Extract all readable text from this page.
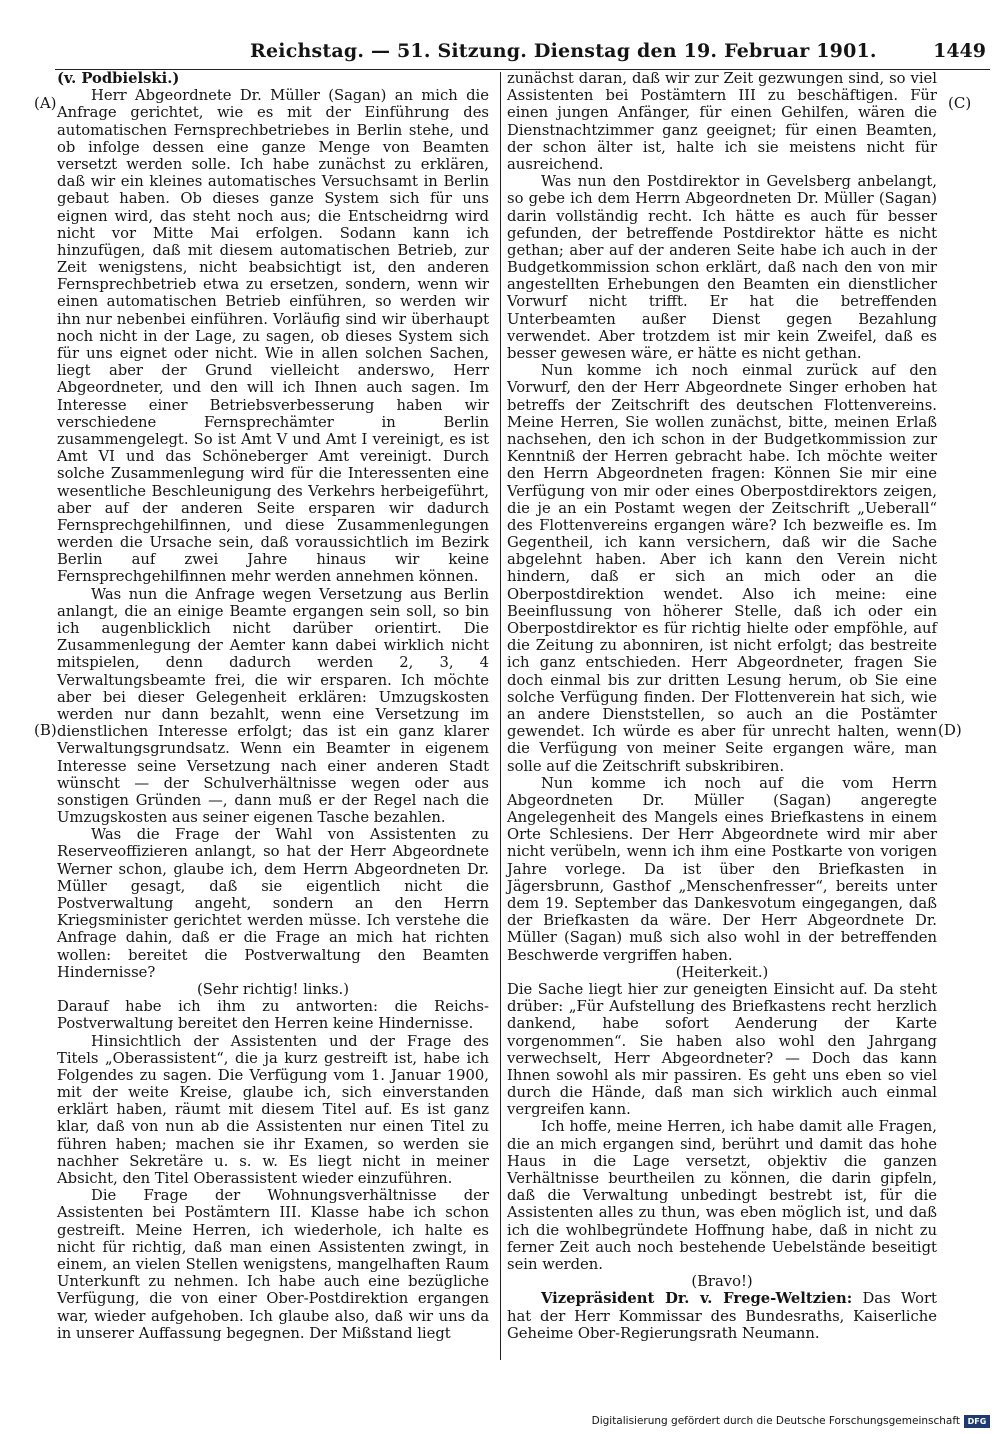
Reichstag. — 51. Sitzung. Dienstag den 19. Februar 1901.	1449
(A)
(B)
(C)
(D)

(v. Podbielski.)

Herr Abgeordnete Dr. Müller (Sagan) an mich die Anfrage gerichtet, wie es mit der Einführung des automatischen Fernsprechbetriebes in Berlin stehe, und ob infolge dessen eine ganze Menge von Beamten versetzt werden solle. Ich habe zunächst zu erklären, daß wir ein kleines automatisches Versuchsamt in Berlin gebaut haben. Ob dieses ganze System sich für uns eignen wird, das steht noch aus; die Entscheidrng wird nicht vor Mitte Mai erfolgen. Sodann kann ich hinzufügen, daß mit diesem automatischen Betrieb, zur Zeit wenigstens, nicht beabsichtigt ist, den anderen Fernsprechbetrieb etwa zu ersetzen, sondern, wenn wir einen automatischen Betrieb einführen, so werden wir ihn nur nebenbei einführen. Vorläufig sind wir überhaupt noch nicht in der Lage, zu sagen, ob dieses System sich für uns eignet oder nicht. Wie in allen solchen Sachen, liegt aber der Grund vielleicht anderswo, Herr Abgeordneter, und den will ich Ihnen auch sagen. Im Interesse einer Betriebsverbesserung haben wir verschiedene Fernsprechämter in Berlin zusammengelegt. So ist Amt V und Amt I vereinigt, es ist Amt VI und das Schöneberger Amt vereinigt. Durch solche Zusammenlegung wird für die Interessenten eine wesentliche Beschleunigung des Verkehrs herbeigeführt, aber auf der anderen Seite ersparen wir dadurch Fernsprechgehilfinnen, und diese Zusammenlegungen werden die Ursache sein, daß voraussichtlich im Bezirk Berlin auf zwei Jahre hinaus wir keine Fernsprechgehilfinnen mehr werden annehmen können.

Was nun die Anfrage wegen Versetzung aus Berlin anlangt, die an einige Beamte ergangen sein soll, so bin ich augenblicklich nicht darüber orientirt. Die Zusammenlegung der Aemter kann dabei wirklich nicht mitspielen, denn dadurch werden 2, 3, 4 Verwaltungsbeamte frei, die wir ersparen. Ich möchte aber bei dieser Gelegenheit erklären: Umzugskosten werden nur dann bezahlt, wenn eine Versetzung im dienstlichen Interesse erfolgt; das ist ein ganz klarer Verwaltungsgrundsatz. Wenn ein Beamter in eigenem Interesse seine Versetzung nach einer anderen Stadt wünscht — der Schulverhältnisse wegen oder aus sonstigen Gründen —, dann muß er der Regel nach die Umzugskosten aus seiner eigenen Tasche bezahlen.

Was die Frage der Wahl von Assistenten zu Reserveoffizieren anlangt, so hat der Herr Abgeordnete Werner schon, glaube ich, dem Herrn Abgeordneten Dr. Müller gesagt, daß sie eigentlich nicht die Postverwaltung angeht, sondern an den Herrn Kriegsminister gerichtet werden müsse. Ich verstehe die Anfrage dahin, daß er die Frage an mich hat richten wollen: bereitet die Postverwaltung den Beamten Hindernisse?

(Sehr richtig! links.)

Darauf habe ich ihm zu antworten: die Reichs-Postverwaltung bereitet den Herren keine Hindernisse.

Hinsichtlich der Assistenten und der Frage des Titels „Oberassistent“, die ja kurz gestreift ist, habe ich Folgendes zu sagen. Die Verfügung vom 1. Januar 1900, mit der weite Kreise, glaube ich, sich einverstanden erklärt haben, räumt mit diesem Titel auf. Es ist ganz klar, daß von nun ab die Assistenten nur einen Titel zu führen haben; machen sie ihr Examen, so werden sie nachher Sekretäre u. s. w. Es liegt nicht in meiner Absicht, den Titel Oberassistent wieder einzuführen.

Die Frage der Wohnungsverhältnisse der Assistenten bei Postämtern III. Klasse habe ich schon gestreift. Meine Herren, ich wiederhole, ich halte es nicht für richtig, daß man einen Assistenten zwingt, in einem, an vielen Stellen wenigstens, mangelhaften Raum Unterkunft zu nehmen. Ich habe auch eine bezügliche Verfügung, die von einer Ober-Postdirektion ergangen war, wieder aufgehoben. Ich glaube also, daß wir uns da in unserer Auffassung begegnen. Der Mißstand liegt

zunächst daran, daß wir zur Zeit gezwungen sind, so viel Assistenten bei Postämtern III zu beschäftigen. Für einen jungen Anfänger, für einen Gehilfen, wären die Dienstnachtzimmer ganz geeignet; für einen Beamten, der schon älter ist, halte ich sie meistens nicht für ausreichend.

Was nun den Postdirektor in Gevelsberg anbelangt, so gebe ich dem Herrn Abgeordneten Dr. Müller (Sagan) darin vollständig recht. Ich hätte es auch für besser gefunden, der betreffende Postdirektor hätte es nicht gethan; aber auf der anderen Seite habe ich auch in der Budgetkommission schon erklärt, daß nach den von mir angestellten Erhebungen den Beamten ein dienstlicher Vorwurf nicht trifft. Er hat die betreffenden Unterbeamten außer Dienst gegen Bezahlung verwendet. Aber trotzdem ist mir kein Zweifel, daß es besser gewesen wäre, er hätte es nicht gethan.

Nun komme ich noch einmal zurück auf den Vorwurf, den der Herr Abgeordnete Singer erhoben hat betreffs der Zeitschrift des deutschen Flottenvereins. Meine Herren, Sie wollen zunächst, bitte, meinen Erlaß nachsehen, den ich schon in der Budgetkommission zur Kenntniß der Herren gebracht habe. Ich möchte weiter den Herrn Abgeordneten fragen: Können Sie mir eine Verfügung von mir oder eines Oberpostdirektors zeigen, die je an ein Postamt wegen der Zeitschrift „Ueberall“ des Flottenvereins ergangen wäre? Ich bezweifle es. Im Gegentheil, ich kann versichern, daß wir die Sache abgelehnt haben. Aber ich kann den Verein nicht hindern, daß er sich an mich oder an die Oberpostdirektion wendet. Also ich meine: eine Beeinflussung von höherer Stelle, daß ich oder ein Oberpostdirektor es für richtig hielte oder empföhle, auf die Zeitung zu abonniren, ist nicht erfolgt; das bestreite ich ganz entschieden. Herr Abgeordneter, fragen Sie doch einmal bis zur dritten Lesung herum, ob Sie eine solche Verfügung finden. Der Flottenverein hat sich, wie an andere Dienststellen, so auch an die Postämter gewendet. Ich würde es aber für unrecht halten, wenn die Verfügung von meiner Seite ergangen wäre, man solle auf die Zeitschrift subskribiren.

Nun komme ich noch auf die vom Herrn Abgeordneten Dr. Müller (Sagan) angeregte Angelegenheit des Mangels eines Briefkastens in einem Orte Schlesiens. Der Herr Abgeordnete wird mir aber nicht verübeln, wenn ich ihm eine Postkarte von vorigen Jahre vorlege. Da ist über den Briefkasten in Jägersbrunn, Gasthof „Menschenfresser“, bereits unter dem 19. September das Dankesvotum eingegangen, daß der Briefkasten da wäre. Der Herr Abgeordnete Dr. Müller (Sagan) muß sich also wohl in der betreffenden Beschwerde vergriffen haben.

(Heiterkeit.)

Die Sache liegt hier zur geneigten Einsicht auf. Da steht drüber: „Für Aufstellung des Briefkastens recht herzlich dankend, habe sofort Aenderung der Karte vorgenommen“. Sie haben also wohl den Jahrgang verwechselt, Herr Abgeordneter? — Doch das kann Ihnen sowohl als mir passiren. Es geht uns eben so viel durch die Hände, daß man sich wirklich auch einmal vergreifen kann.

Ich hoffe, meine Herren, ich habe damit alle Fragen, die an mich ergangen sind, berührt und damit das hohe Haus in die Lage versetzt, objektiv die ganzen Verhältnisse beurtheilen zu können, die darin gipfeln, daß die Verwaltung unbedingt bestrebt ist, für die Assistenten alles zu thun, was eben möglich ist, und daß ich die wohlbegründete Hoffnung habe, daß in nicht zu ferner Zeit auch noch bestehende Uebelstände beseitigt sein werden.

(Bravo!)

Vizepräsident Dr. v. Frege-Weltzien: Das Wort hat der Herr Kommissar des Bundesraths, Kaiserliche Geheime Ober-Regierungsrath Neumann.

Digitalisierung gefördert durch die Deutsche Forschungsgemeinschaft DFG
